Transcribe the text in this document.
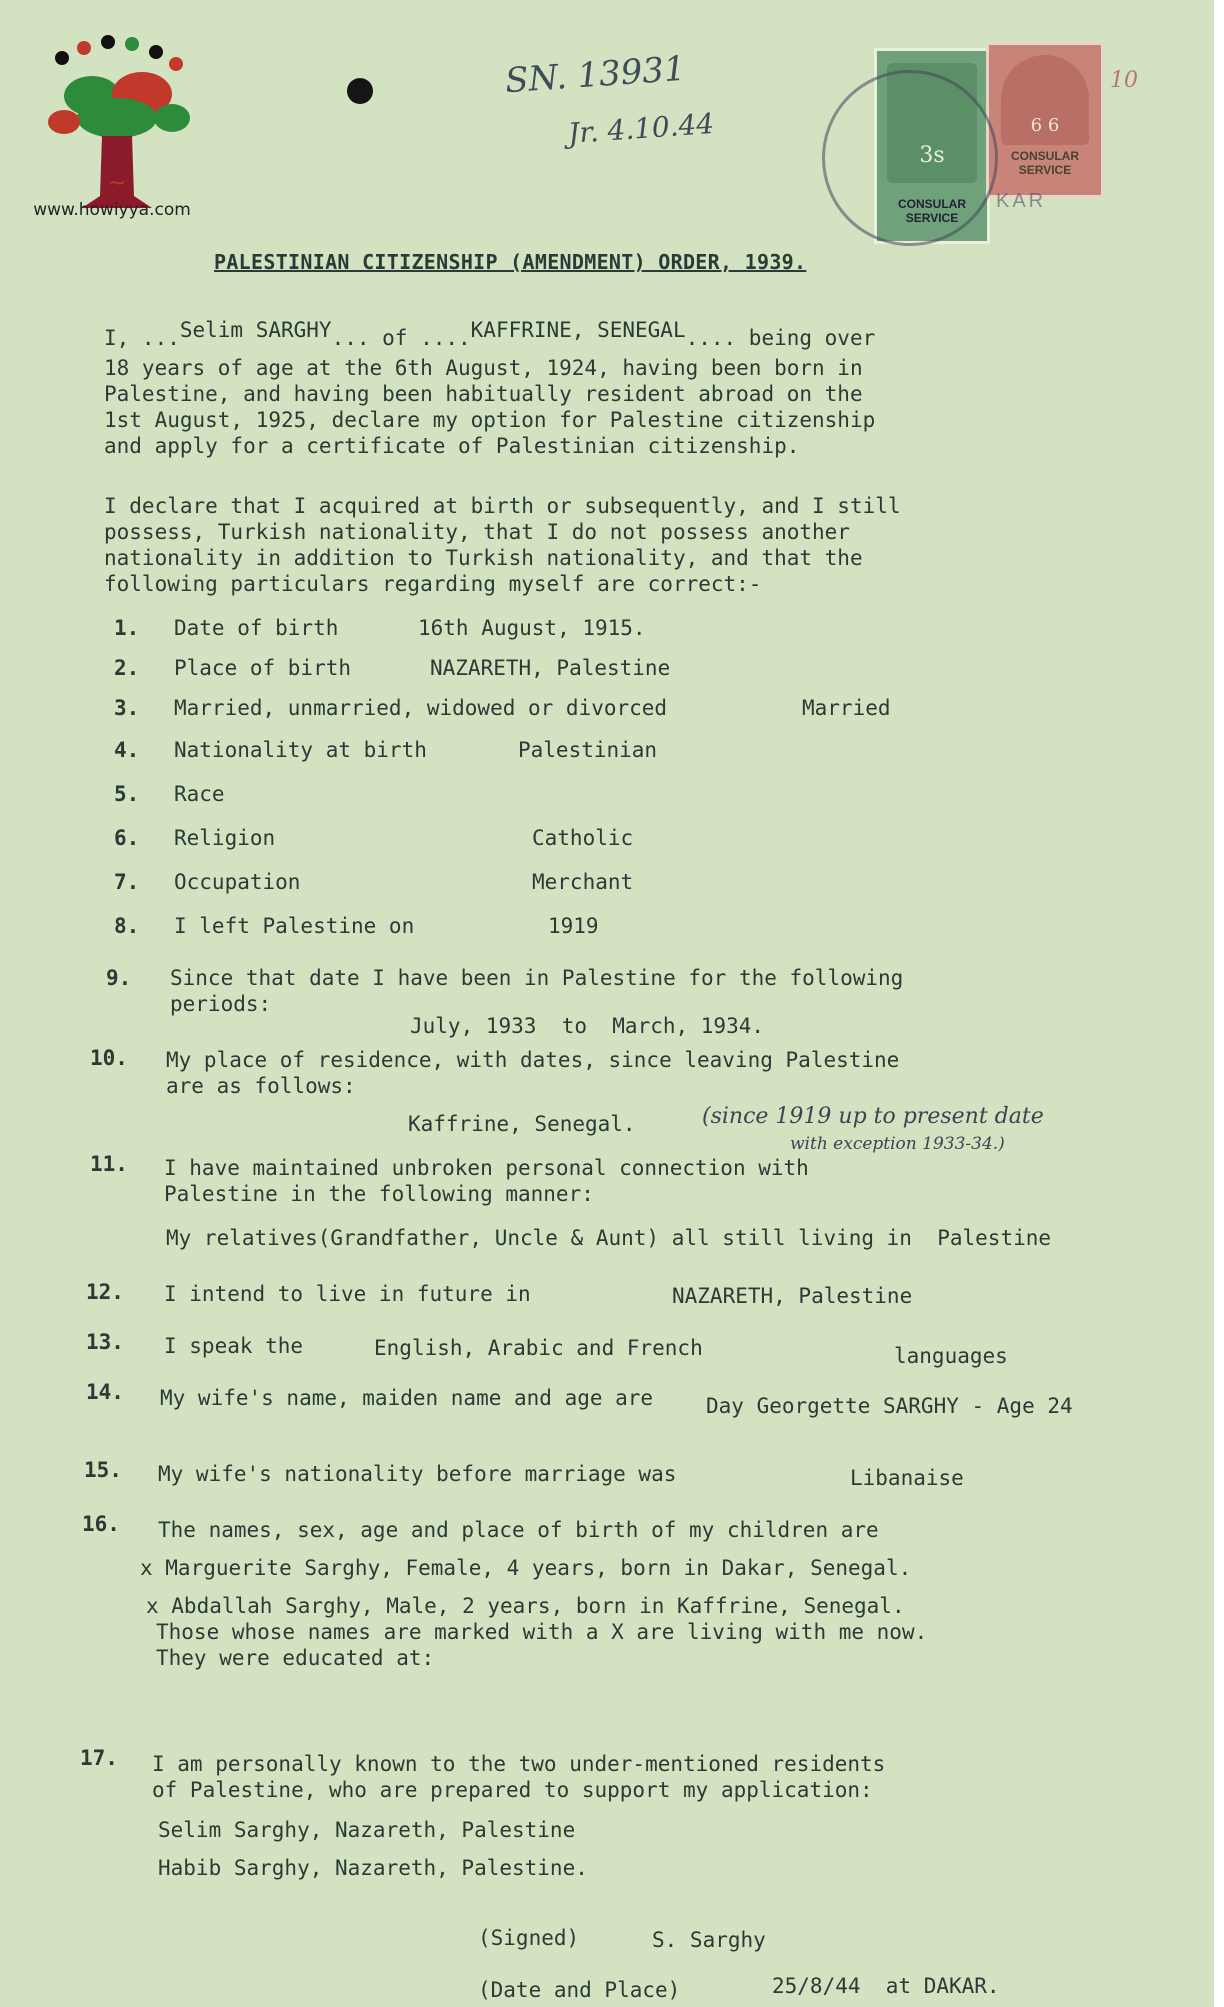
~
www.howiyya.com
SN. 13931
Jr. 4.10.44
3s
CONSULAR
SERVICE
6 6
CONSULAR
SERVICE
KAR
10
PALESTINIAN CITIZENSHIP (AMENDMENT) ORDER, 1939.
I, ...Selim SARGHY... of ....KAFFRINE, SENEGAL.... being over
18 years of age at the 6th August, 1924, having been born in
Palestine, and having been habitually resident abroad on the
1st August, 1925, declare my option for Palestine citizenship
and apply for a certificate of Palestinian citizenship.
I declare that I acquired at birth or subsequently, and I still
possess, Turkish nationality, that I do not possess another
nationality in addition to Turkish nationality, and that the
following particulars regarding myself are correct:-
1. Date of birth	16th August, 1915.
2. Place of birth	NAZARETH, Palestine
3. Married, unmarried, widowed or divorced	Married
4. Nationality at birth	Palestinian
5. Race
6. Religion	Catholic
7. Occupation	Merchant
8. I left Palestine on	1919
9. Since that date I have been in Palestine for the following
periods:
July, 1933  to  March, 1934.
10. My place of residence, with dates, since leaving Palestine
are as follows:
Kaffrine, Senegal.	(since 1919 up to present date
with exception 1933-34.)
11. I have maintained unbroken personal connection with
Palestine in the following manner:
My relatives(Grandfather, Uncle & Aunt) all still living in  Palestine
12. I intend to live in future in	NAZARETH, Palestine
13. I speak the	English, Arabic and French	languages
14. My wife's name, maiden name and age are	Day Georgette SARGHY - Age 24
15. My wife's nationality before marriage was	Libanaise
16. The names, sex, age and place of birth of my children are
x Marguerite Sarghy, Female, 4 years, born in Dakar, Senegal.
x Abdallah Sarghy, Male, 2 years, born in Kaffrine, Senegal.
Those whose names are marked with a X are living with me now.
They were educated at:
17. I am personally known to the two under-mentioned residents
of Palestine, who are prepared to support my application:
Selim Sarghy, Nazareth, Palestine
Habib Sarghy, Nazareth, Palestine.
(Signed)	S. Sarghy
(Date and Place)	25/8/44  at DAKAR.
